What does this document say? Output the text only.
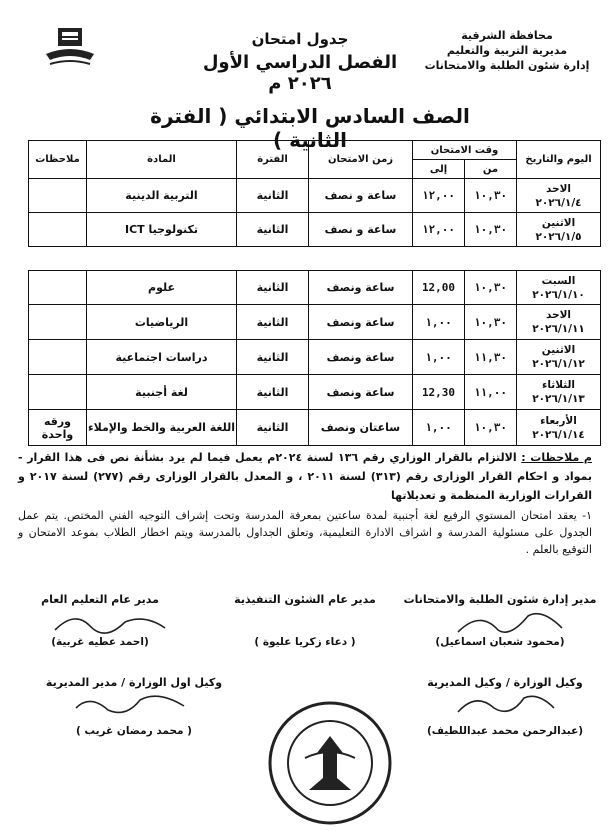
محافظة الشرقية
مديرية التربية والتعليم
إدارة شئون الطلبة والامتحانات
جدول امتحان
الفصل الدراسي الأول ٢٠٢٦ م
الصف السادس الابتدائي ( الفترة الثانية )
اليوم والتاريخ	وقت الامتحان		زمن الامتحان	الفترة	المادة	ملاحظات
	من	إلى				

الاحد
٢٠٢٦/١/٤	١٠,٣٠	١٢,٠٠	ساعة و نصف	الثانية	التربية الدينية	

الاثنين
٢٠٢٦/١/٥	١٠,٣٠	١٢,٠٠	ساعة و نصف	الثانية	تكنولوجيا ICT	
السبت
٢٠٢٦/١/١٠	١٠,٣٠	12,00	ساعة ونصف	الثانية	علوم	

الاحد
٢٠٢٦/١/١١	١٠,٣٠	١,٠٠	ساعة ونصف	الثانية	الرياضيات	

الاثنين
٢٠٢٦/١/١٢	١١,٣٠	١,٠٠	ساعة ونصف	الثانية	دراسات اجتماعية	

الثلاثاء
٢٠٢٦/١/١٣	١١,٠٠	12,30	ساعة ونصف	الثانية	لغة أجنبية	

الأربعاء
٢٠٢٦/١/١٤	١٠,٣٠	١,٠٠	ساعتان ونصف	الثانية	اللغة العربية والخط والإملاء	ورقه واحدة
م ملاحظات : الالتزام بالقرار الوزاري رقم ١٣٦ لسنة ٢٠٢٤م يعمل فيما لم يرد بشأنة نص فى هذا القرار - بمواد و احكام القرار الوزارى رقم (٣١٣) لسنة ٢٠١١ ، و المعدل بالقرار الوزارى رقم (٢٧٧) لسنة ٢٠١٧ و القرارات الوزارية المنظمة و تعديلاتها
١- يعقد امتحان المستوي الرفيع لغة أجنبية لمدة ساعتين بمعرفة المدرسة وتحت إشراف التوجيه الفني المختص. يتم عمل الجدول على مسئولية المدرسة و اشراف الادارة التعليمية، وتعلق الجداول بالمدرسة ويتم اخطار الطلاب بموعد الامتحان و التوقيع بالعلم .
مدير إدارة شئون الطلبة والامتحانات
(محمود شعبان اسماعيل)
مدير عام الشئون التنفيذية
( دعاء زكريا عليوة )
مدير عام التعليم العام
(احمد عطيه غربية)
وكيل الوزارة / وكيل المديرية
(عبدالرحمن محمد عبداللطيف)
وكيل اول الوزارة / مدير المديرية
( محمد رمضان غريب )
